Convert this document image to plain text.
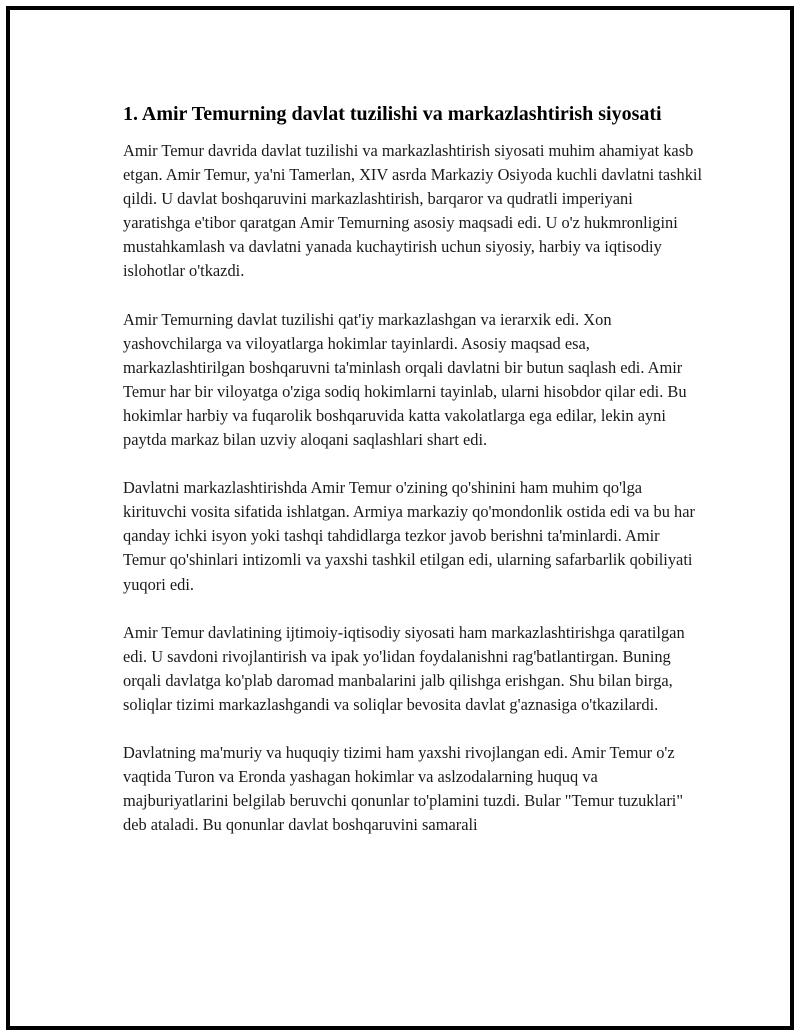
1. Amir Temurning davlat tuzilishi va markazlashtirish siyosati

Amir Temur davrida davlat tuzilishi va markazlashtirish siyosati muhim ahamiyat kasb etgan. Amir Temur, ya'ni Tamerlan, XIV asrda Markaziy Osiyoda kuchli davlatni tashkil qildi. U davlat boshqaruvini markazlashtirish, barqaror va qudratli imperiyani yaratishga e'tibor qaratgan Amir Temurning asosiy maqsadi edi. U o'z hukmronligini mustahkamlash va davlatni yanada kuchaytirish uchun siyosiy, harbiy va iqtisodiy islohotlar o'tkazdi.

Amir Temurning davlat tuzilishi qat'iy markazlashgan va ierarxik edi. Xon yashovchilarga va viloyatlarga hokimlar tayinlardi. Asosiy maqsad esa, markazlashtirilgan boshqaruvni ta'minlash orqali davlatni bir butun saqlash edi. Amir Temur har bir viloyatga o'ziga sodiq hokimlarni tayinlab, ularni hisobdor qilar edi. Bu hokimlar harbiy va fuqarolik boshqaruvida katta vakolatlarga ega edilar, lekin ayni paytda markaz bilan uzviy aloqani saqlashlari shart edi.

Davlatni markazlashtirishda Amir Temur o'zining qo'shinini ham muhim qo'lga kirituvchi vosita sifatida ishlatgan. Armiya markaziy qo'mondonlik ostida edi va bu har qanday ichki isyon yoki tashqi tahdidlarga tezkor javob berishni ta'minlardi. Amir Temur qo'shinlari intizomli va yaxshi tashkil etilgan edi, ularning safarbarlik qobiliyati yuqori edi.

Amir Temur davlatining ijtimoiy-iqtisodiy siyosati ham markazlashtirishga qaratilgan edi. U savdoni rivojlantirish va ipak yo'lidan foydalanishni rag'batlantirgan. Buning orqali davlatga ko'plab daromad manbalarini jalb qilishga erishgan. Shu bilan birga, soliqlar tizimi markazlashgandi va soliqlar bevosita davlat g'aznasiga o'tkazilardi.

Davlatning ma'muriy va huquqiy tizimi ham yaxshi rivojlangan edi. Amir Temur o'z vaqtida Turon va Eronda yashagan hokimlar va aslzodalarning huquq va majburiyatlarini belgilab beruvchi qonunlar to'plamini tuzdi. Bular "Temur tuzuklari" deb ataladi. Bu qonunlar davlat boshqaruvini samarali
